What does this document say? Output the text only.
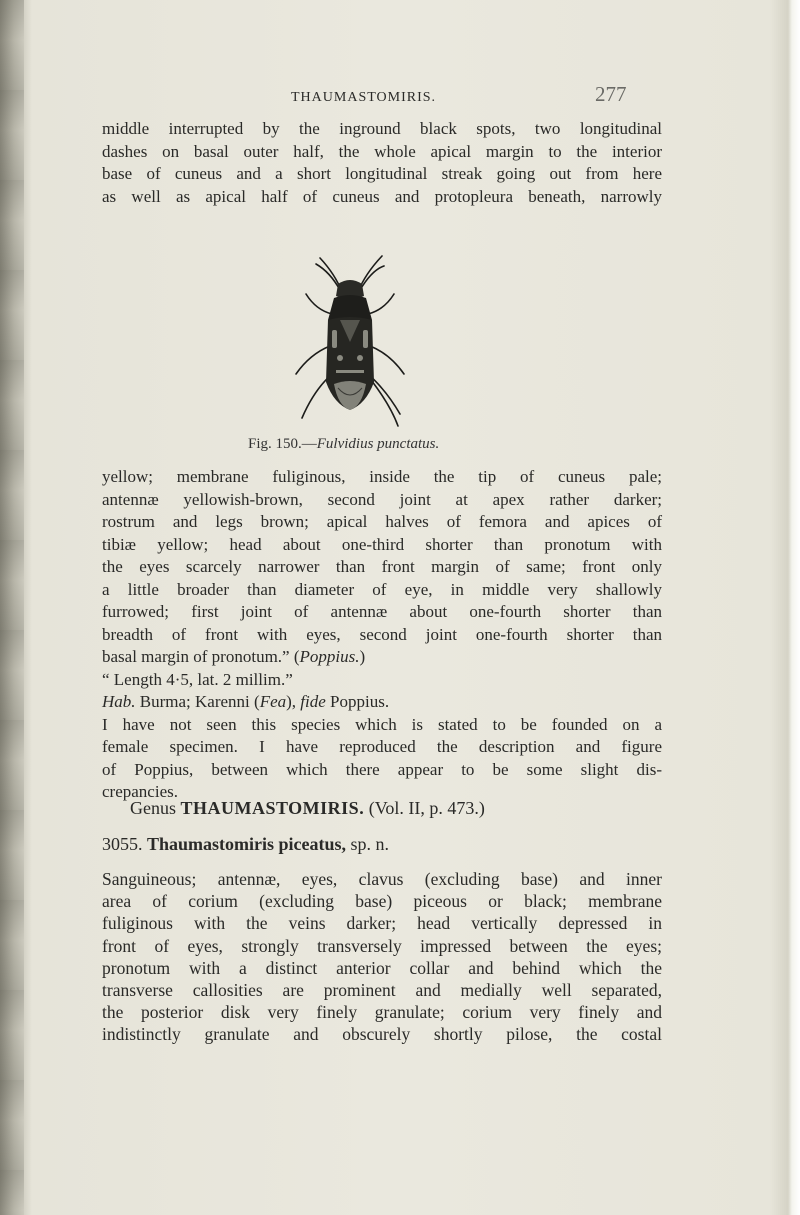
THAUMASTOMIRIS.	277
middle interrupted by the inground black spots, two longitudinal
dashes on basal outer half, the whole apical margin to the interior
base of cuneus and a short longitudinal streak going out from here
as well as apical half of cuneus and protopleura beneath, narrowly
Fig. 150.—Fulvidius punctatus.
yellow; membrane fuliginous, inside the tip of cuneus pale;
antennæ yellowish-brown, second joint at apex rather darker;
rostrum and legs brown; apical halves of femora and apices of
tibiæ yellow; head about one-third shorter than pronotum with
the eyes scarcely narrower than front margin of same; front only
a little broader than diameter of eye, in middle very shallowly
furrowed; first joint of antennæ about one-fourth shorter than
breadth of front with eyes, second joint one-fourth shorter than
basal margin of pronotum.” (Poppius.)
“ Length 4·5, lat. 2 millim.”
Hab. Burma; Karenni (Fea), fide Poppius.
I have not seen this species which is stated to be founded on a
female specimen. I have reproduced the description and figure
of Poppius, between which there appear to be some slight dis-
crepancies.
Genus THAUMASTOMIRIS. (Vol. II, p. 473.)
3055. Thaumastomiris piceatus, sp. n.
Sanguineous; antennæ, eyes, clavus (excluding base) and inner
area of corium (excluding base) piceous or black; membrane
fuliginous with the veins darker; head vertically depressed in
front of eyes, strongly transversely impressed between the eyes;
pronotum with a distinct anterior collar and behind which the
transverse callosities are prominent and medially well separated,
the posterior disk very finely granulate; corium very finely and
indistinctly granulate and obscurely shortly pilose, the costal
